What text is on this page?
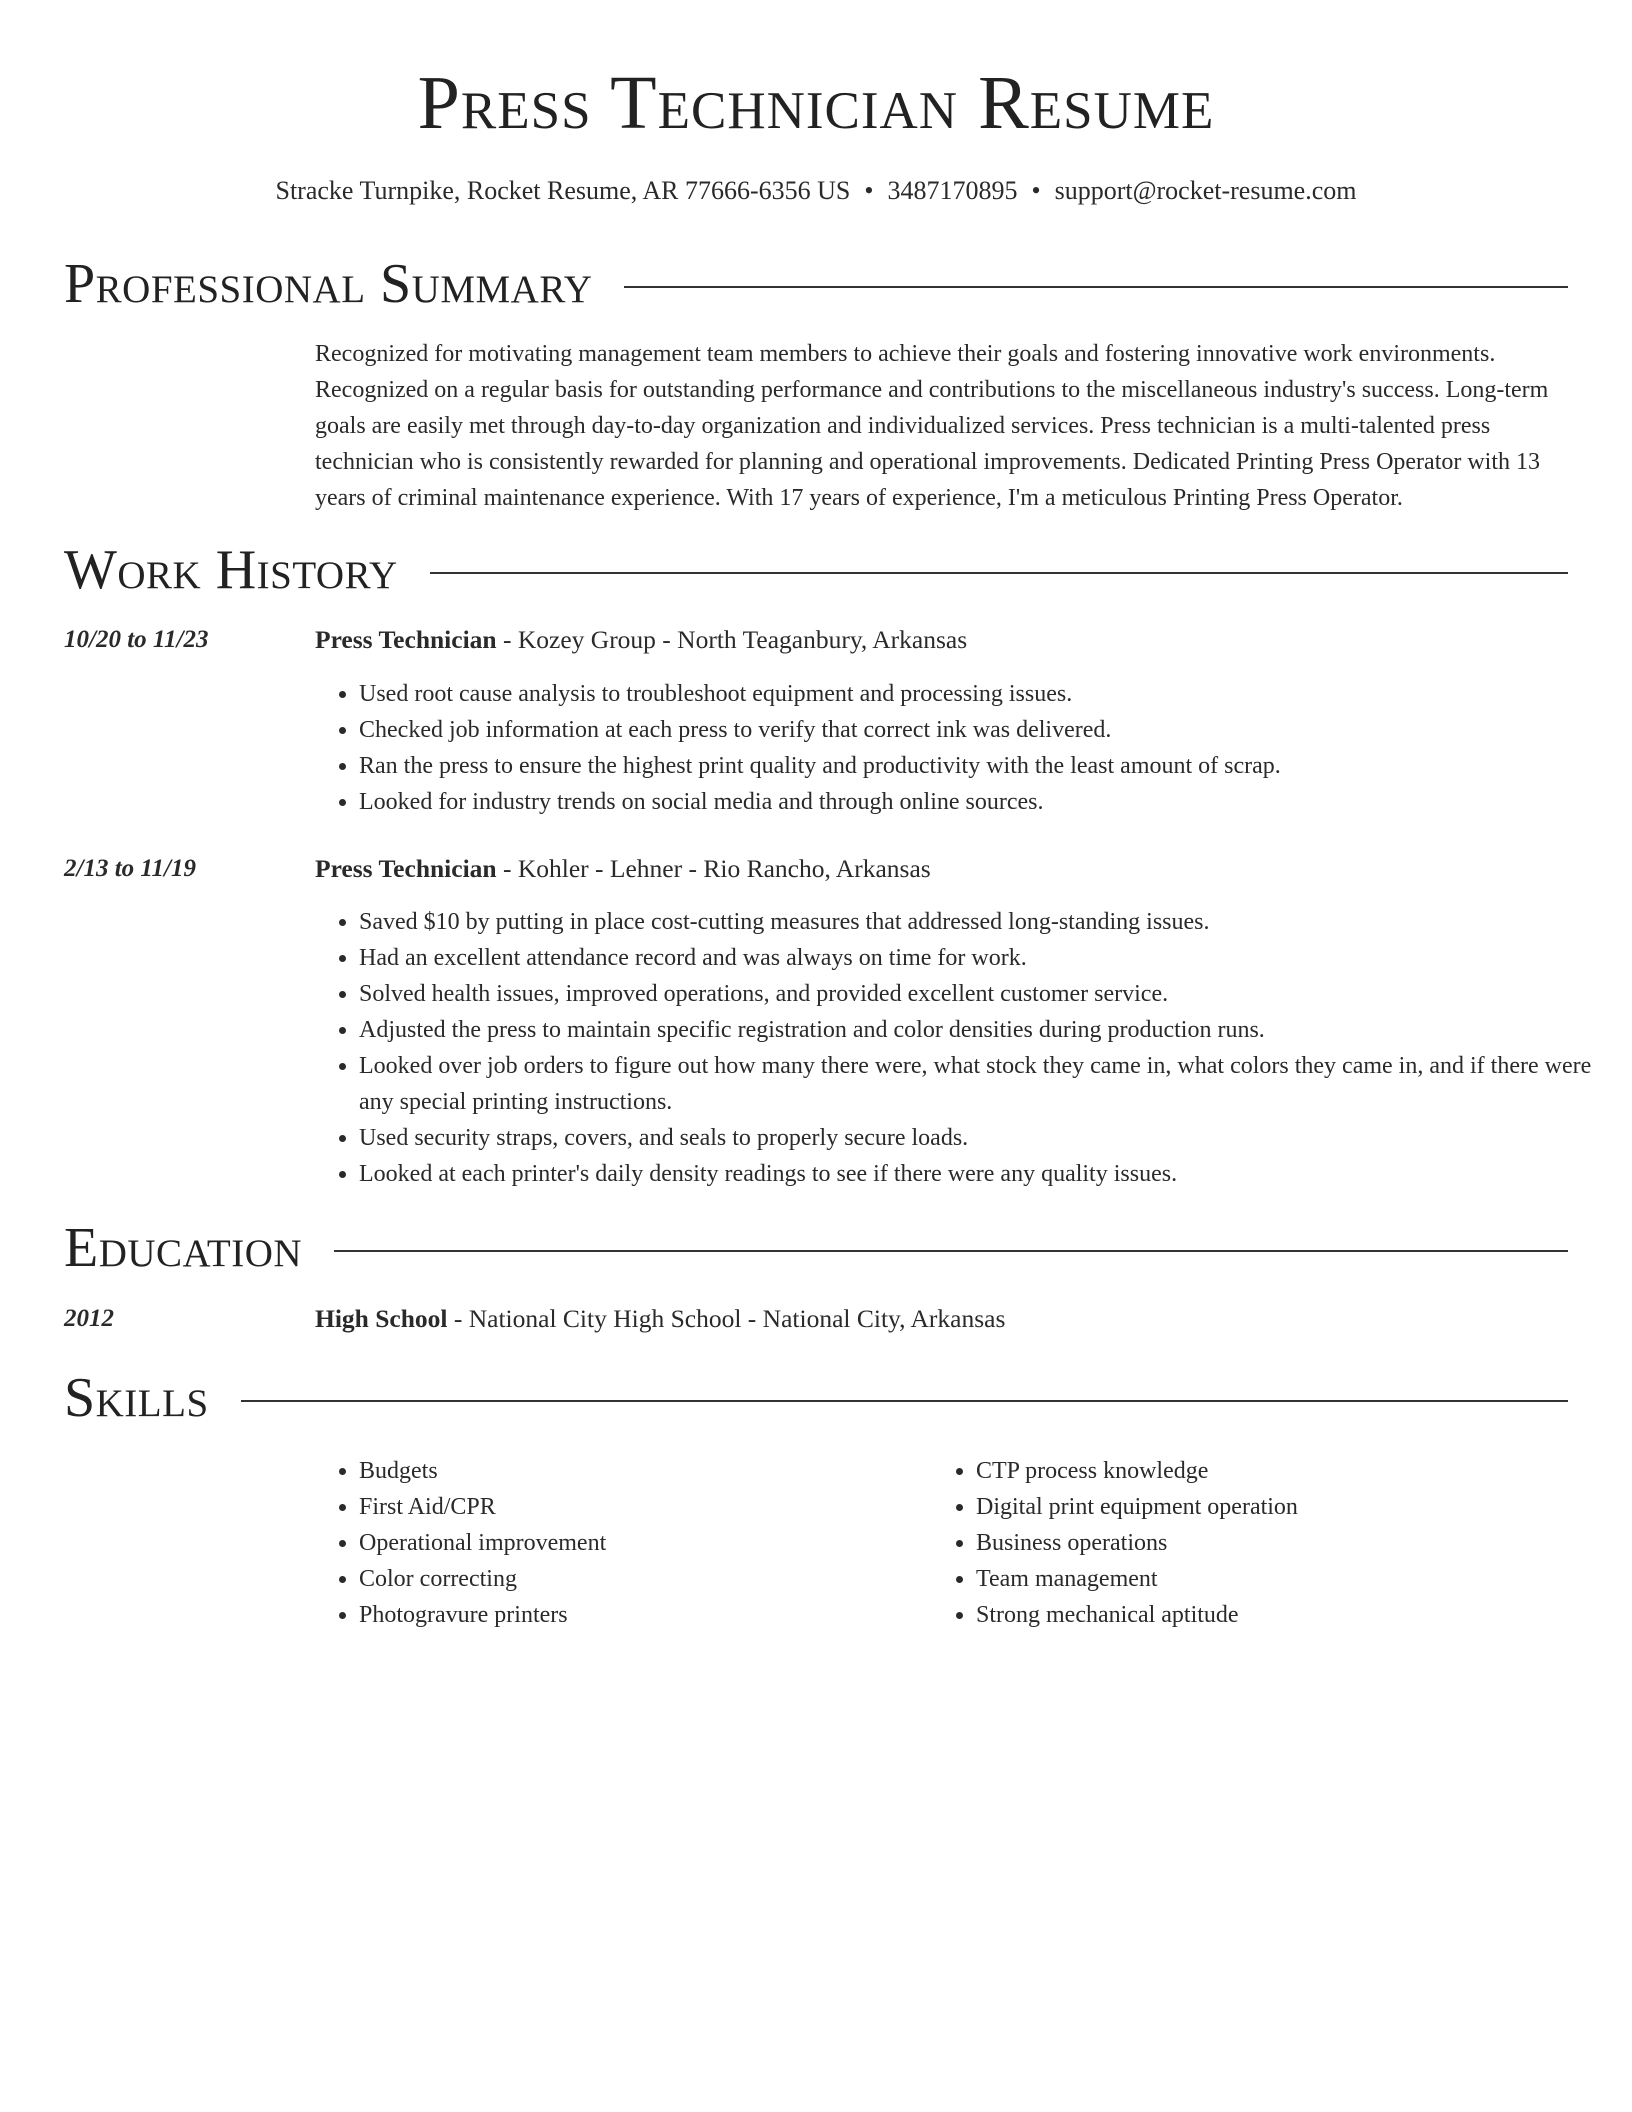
Press Technician Resume
Stracke Turnpike, Rocket Resume, AR 77666-6356 US • 3487170895 • support@rocket-resume.com
Professional Summary
Recognized for motivating management team members to achieve their goals and fostering innovative work environments. Recognized on a regular basis for outstanding performance and contributions to the miscellaneous industry's success. Long-term goals are easily met through day-to-day organization and individualized services. Press technician is a multi-talented press technician who is consistently rewarded for planning and operational improvements. Dedicated Printing Press Operator with 13 years of criminal maintenance experience. With 17 years of experience, I'm a meticulous Printing Press Operator.
Work History
10/20 to 11/23	Press Technician - Kozey Group - North Teaganbury, Arkansas
• Used root cause analysis to troubleshoot equipment and processing issues.
• Checked job information at each press to verify that correct ink was delivered.
• Ran the press to ensure the highest print quality and productivity with the least amount of scrap.
• Looked for industry trends on social media and through online sources.
2/13 to 11/19	Press Technician - Kohler - Lehner - Rio Rancho, Arkansas
• Saved $10 by putting in place cost-cutting measures that addressed long-standing issues.
• Had an excellent attendance record and was always on time for work.
• Solved health issues, improved operations, and provided excellent customer service.
• Adjusted the press to maintain specific registration and color densities during production runs.
• Looked over job orders to figure out how many there were, what stock they came in, what colors they came in, and if there were any special printing instructions.
• Used security straps, covers, and seals to properly secure loads.
• Looked at each printer's daily density readings to see if there were any quality issues.
Education
2012	High School - National City High School - National City, Arkansas
Skills
• Budgets
• First Aid/CPR
• Operational improvement
• Color correcting
• Photogravure printers
• CTP process knowledge
• Digital print equipment operation
• Business operations
• Team management
• Strong mechanical aptitude
